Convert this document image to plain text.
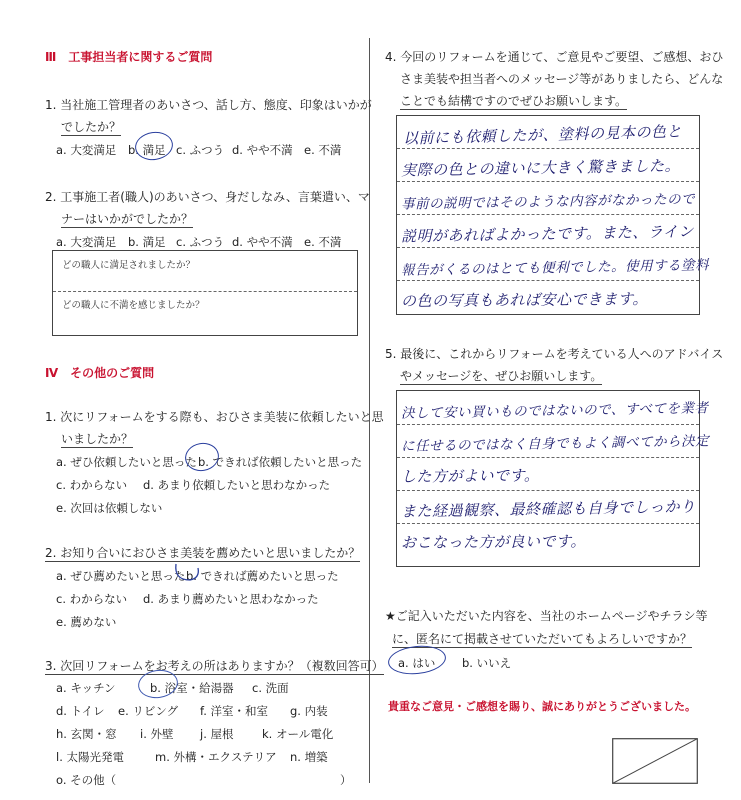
Ⅲ　工事担当者に関するご質問
1. 当社施工管理者のあいさつ、話し方、態度、印象はいかが
でしたか？
a. 大変満足 b. 満足 c. ふつう d. やや不満 e. 不満
2. 工事施工者(職人)のあいさつ、身だしなみ、言葉遣い、マ
ナーはいかがでしたか？
a. 大変満足 b. 満足 c. ふつう d. やや不満 e. 不満
どの職人に満足されましたか？
どの職人に不満を感じましたか？
Ⅳ　その他のご質問
1. 次にリフォームをする際も、おひさま美装に依頼したいと思
いましたか？
a. ぜひ依頼したいと思った b. できれば依頼したいと思った
c. わからない d. あまり依頼したいと思わなかった
e. 次回は依頼しない
2. お知り合いにおひさま美装を薦めたいと思いましたか？
a. ぜひ薦めたいと思った b. できれば薦めたいと思った
c. わからない d. あまり薦めたいと思わなかった
e. 薦めない
3. 次回リフォームをお考えの所はありますか？（複数回答可）
a. キッチン	b. 浴室・給湯器 c. 洗面
d. トイレ e. リビング f. 洋室・和室 g. 内装
h. 玄関・窓 i. 外壁 j. 屋根 k. オール電化
l. 太陽光発電	m. 外構・エクステリア n. 増築
o. その他（	）
4. 今回のリフォームを通じて、ご意見やご要望、ご感想、おひ
さま美装や担当者へのメッセージ等がありましたら、どんな
ことでも結構ですのでぜひお願いします。
以前にも依頼したが、塗料の見本の色と
実際の色との違いに大きく驚きました。
事前の説明ではそのような内容がなかったので
説明があればよかったです。また、ライン
報告がくるのはとても便利でした。使用する塗料
の色の写真もあれば安心できます。
5. 最後に、これからリフォームを考えている人へのアドバイス
やメッセージを、ぜひお願いします。
決して安い買いものではないので、すべてを業者
に任せるのではなく自身でもよく調べてから決定
した方がよいです。
また経過観察、最終確認も自身でしっかり
おこなった方が良いです。
★ご記入いただいた内容を、当社のホームページやチラシ等
に、匿名にて掲載させていただいてもよろしいですか？
a. はい b. いいえ
貴重なご意見・ご感想を賜り、誠にありがとうございました。
